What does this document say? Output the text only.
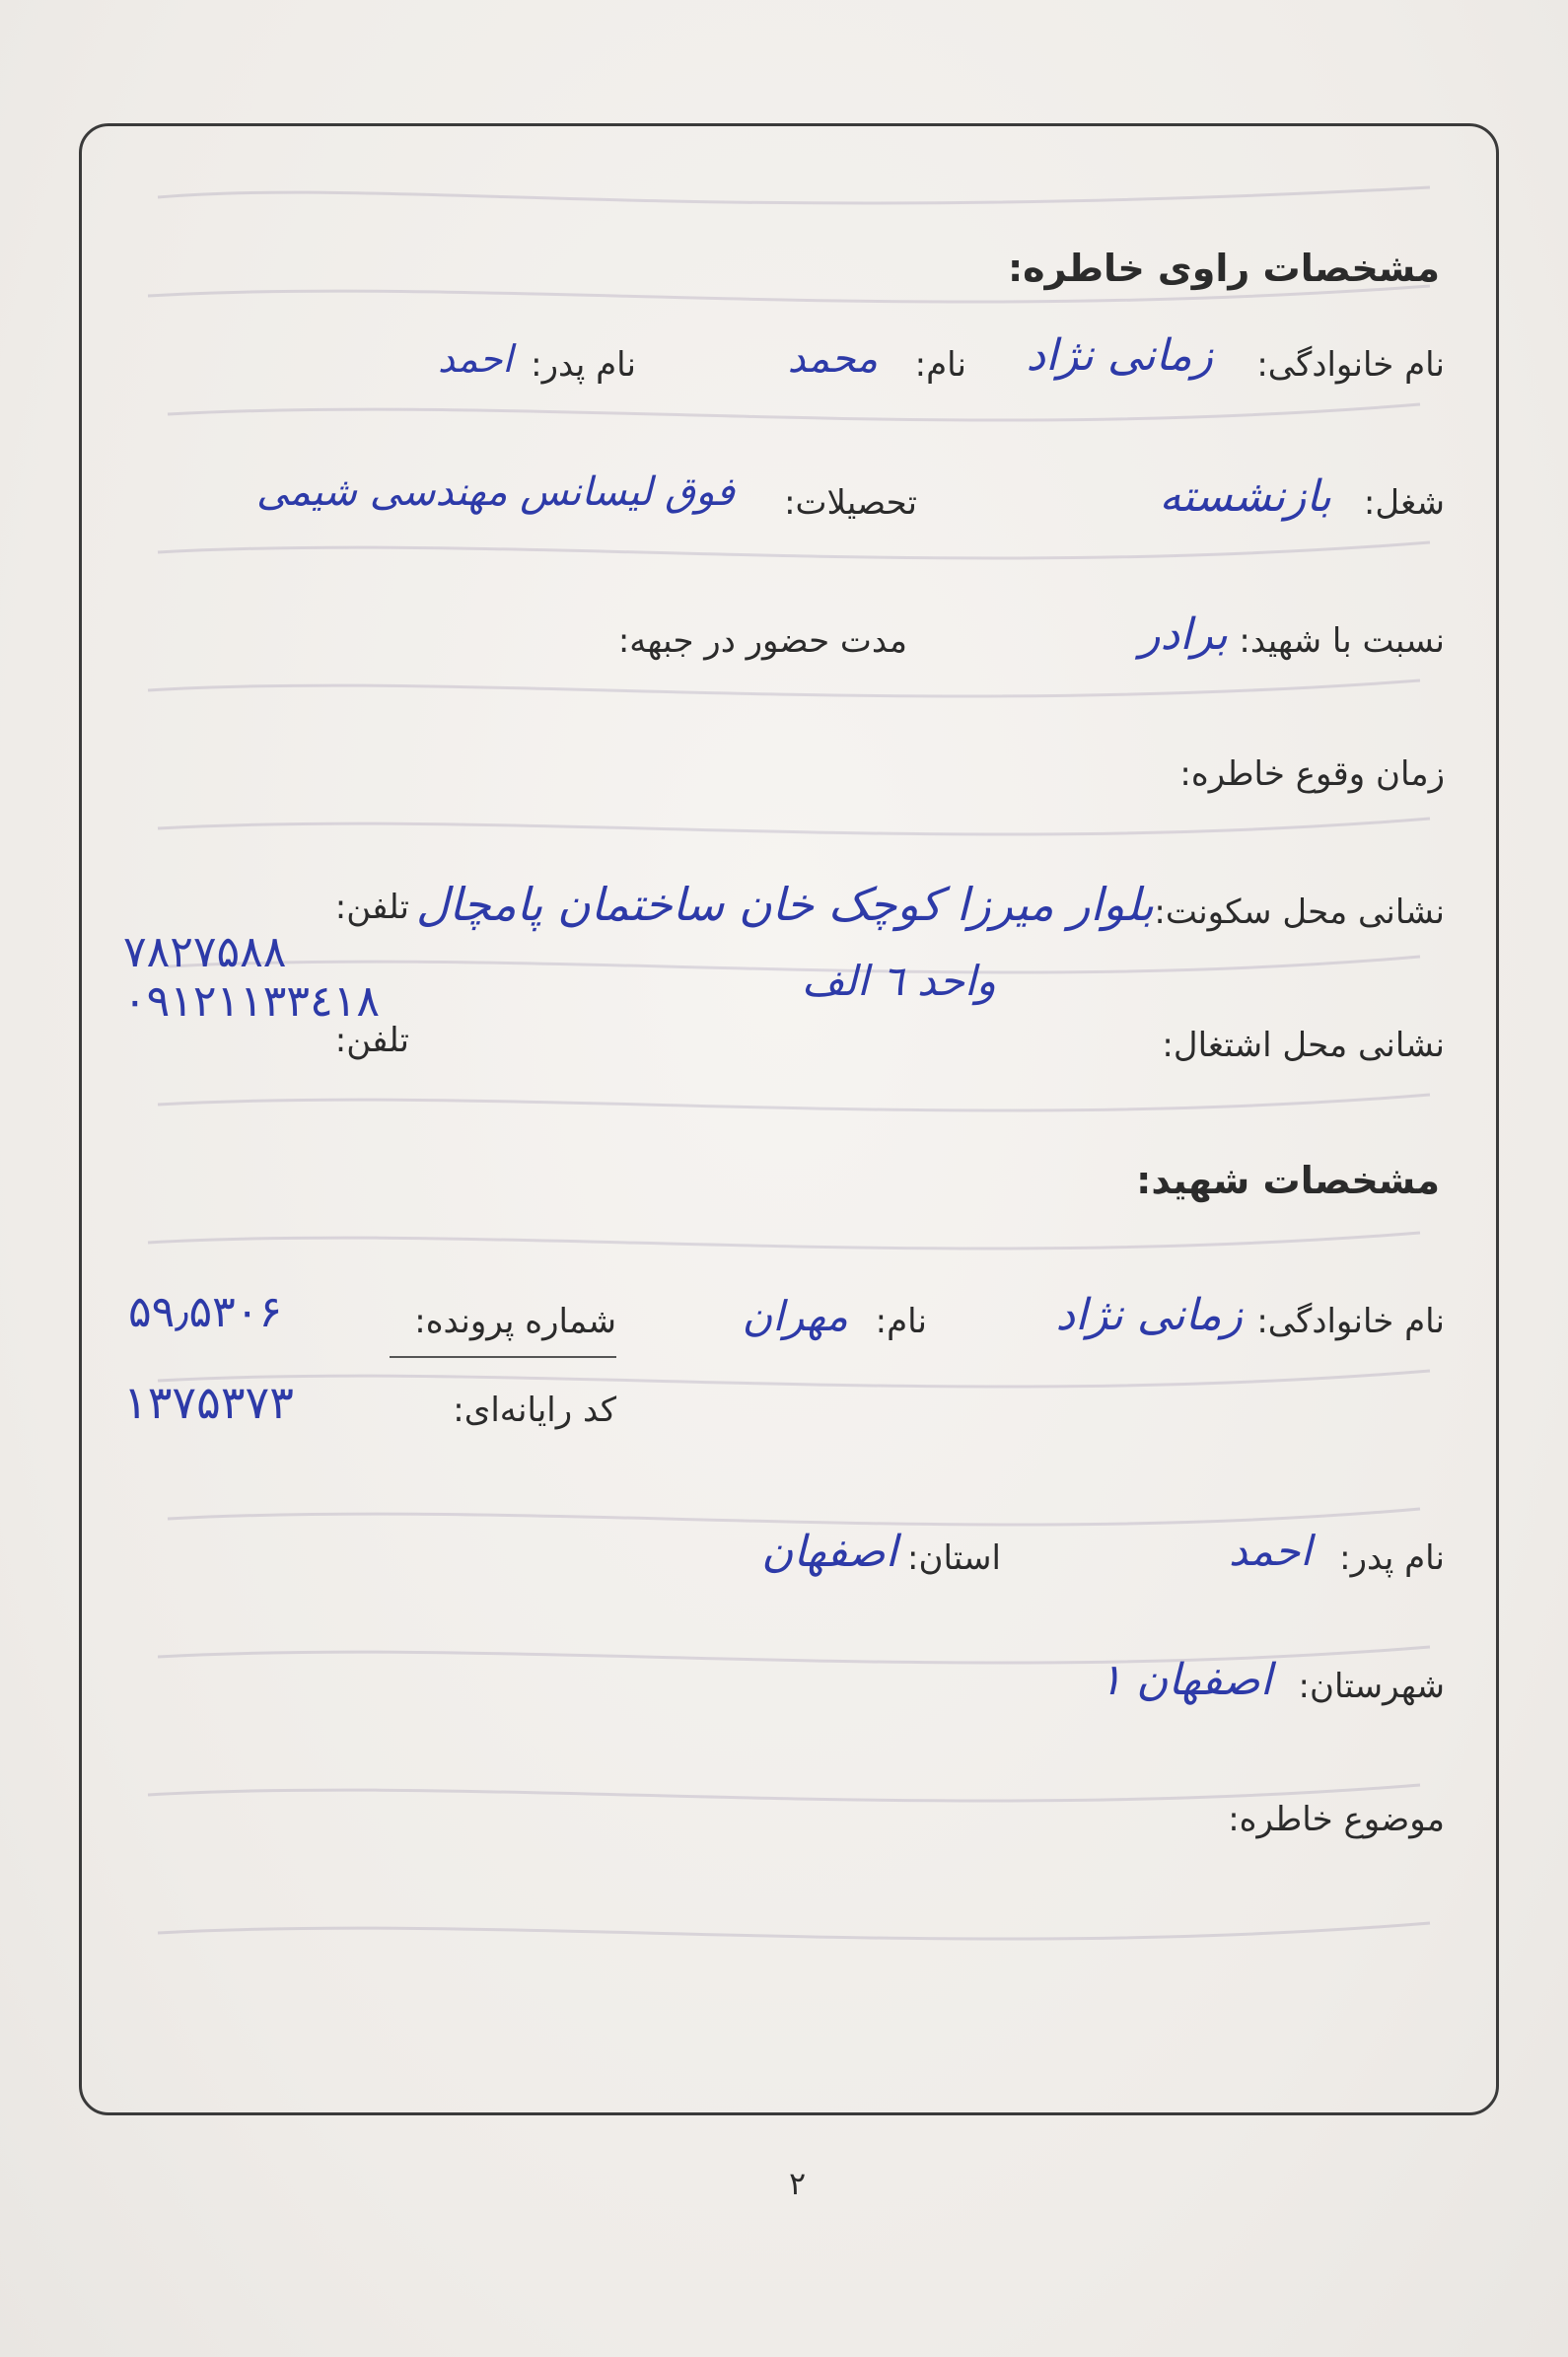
مشخصات راوی خاطره:
نام خانوادگی:
زمانی نژاد
نام:
محمد
نام پدر:
احمد
شغل:
بازنشسته
تحصیلات:
فوق لیسانس مهندسی شیمی
نسبت با شهید:
برادر
مدت حضور در جبهه:
زمان وقوع خاطره:
نشانی محل سکونت:
بلوار میرزا کوچک خان ساختمان پامچال
واحد ٦ الف
تلفن:
۷۸۲۷۵۸۸
۰۹۱۲۱۱۳۳٤۱۸
نشانی محل اشتغال:
تلفن:
مشخصات شهید:
نام خانوادگی:
زمانی نژاد
نام:
مهران
شماره پرونده:
۵۹٫۵۳۰۶
کد رایانه‌ای:
۱۳۷۵۳۷۳
نام پدر:
احمد
استان:
اصفهان
شهرستان:
اصفهان ۱
موضوع خاطره:
۲
